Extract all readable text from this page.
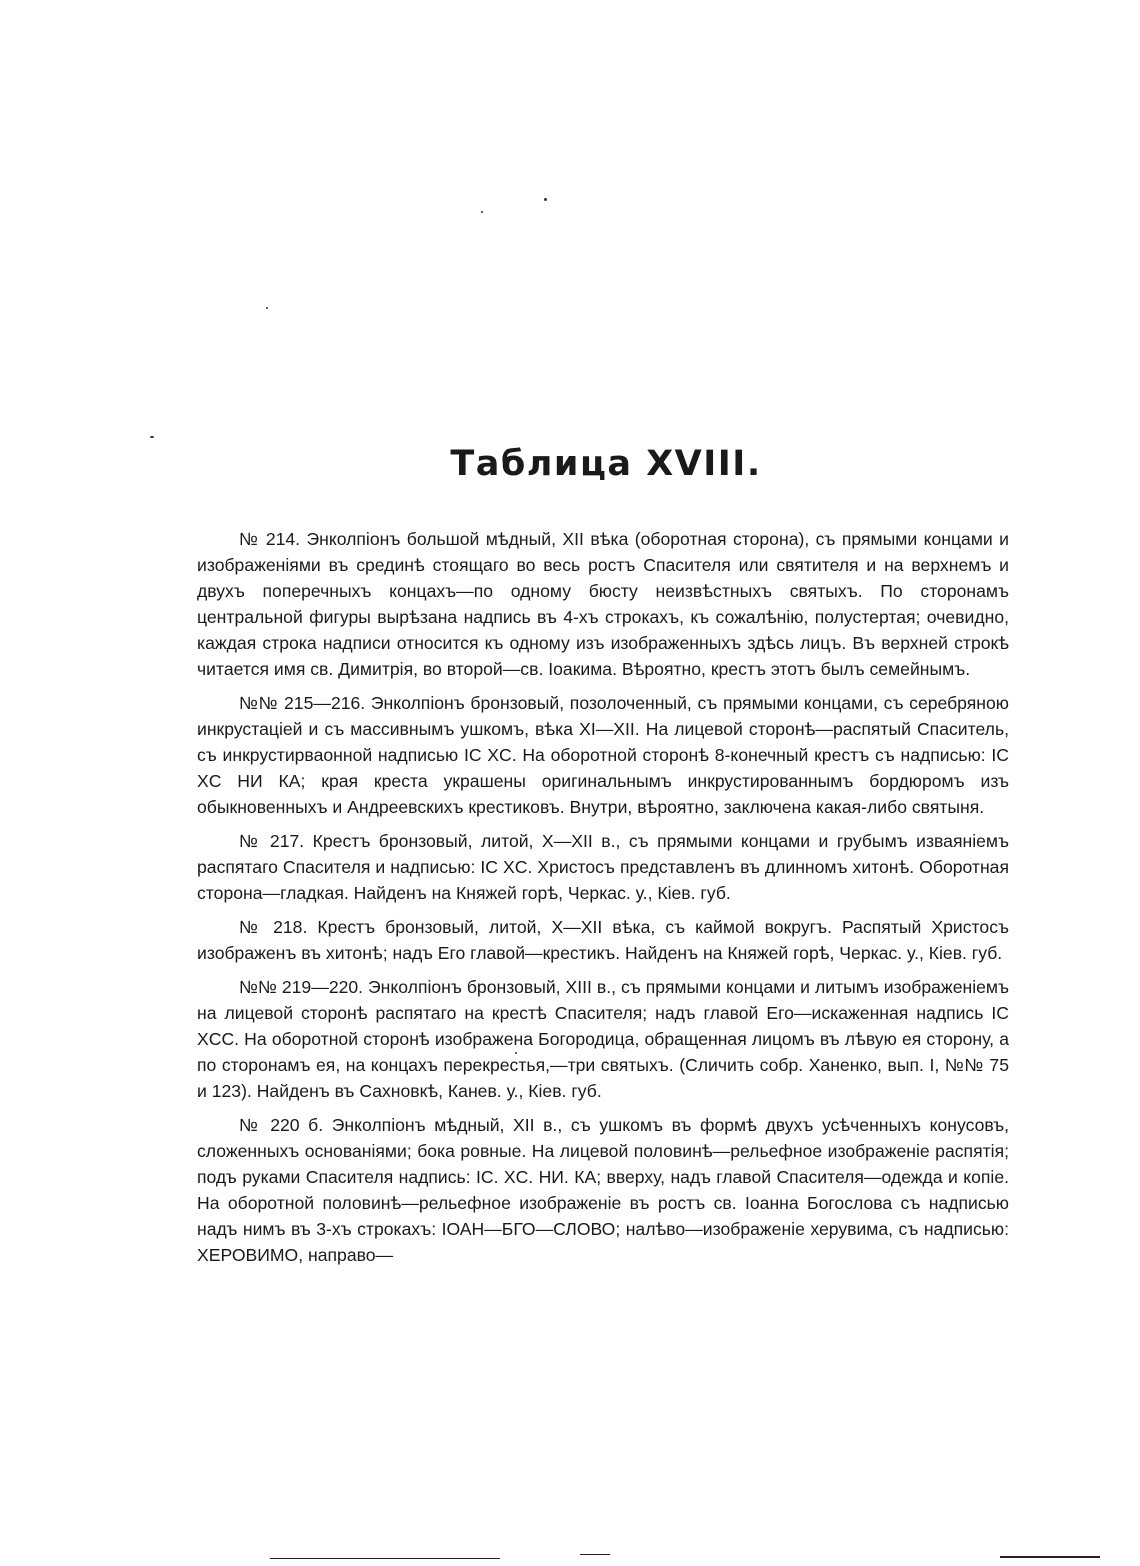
Таблица XVIII.

№ 214. Энколпіонъ большой мѣдный, XII вѣка (оборотная сторона), съ прямыми концами и изображеніями въ срединѣ стоящаго во весь ростъ Спасителя или святителя и на верхнемъ и двухъ поперечныхъ концахъ—по одному бюсту неизвѣстныхъ святыхъ. По сторонамъ центральной фигуры вырѣзана надпись въ 4-хъ строкахъ, къ сожалѣнію, полустертая; очевидно, каждая строка надписи относится къ одному изъ изображенныхъ здѣсь лицъ. Въ верхней строкѣ читается имя св. Димитрія, во второй—св. Іоакима. Вѣроятно, крестъ этотъ былъ семейнымъ.

№№ 215—216. Энколпіонъ бронзовый, позолоченный, съ прямыми концами, съ серебряною инкрустаціей и съ массивнымъ ушкомъ, вѣка XI—XII. На лицевой сторонѣ—распятый Спаситель, съ инкрустирваонной надписью IC XC. На оборотной сторонѣ 8-конечный крестъ съ надписью: IC XC НИ КА; края креста украшены оригинальнымъ инкрустированнымъ бордюромъ изъ обыкновенныхъ и Андреевскихъ крестиковъ. Внутри, вѣроятно, заключена какая-либо святыня.

№ 217. Крестъ бронзовый, литой, X—XII в., съ прямыми концами и грубымъ изваяніемъ распятаго Спасителя и надписью: IC XC. Христосъ представленъ въ длинномъ хитонѣ. Оборотная сторона—гладкая. Найденъ на Княжей горѣ, Черкас. у., Кіев. губ.

№ 218. Крестъ бронзовый, литой, X—XII вѣка, съ каймой вокругъ. Распятый Христосъ изображенъ въ хитонѣ; надъ Его главой—крестикъ. Найденъ на Княжей горѣ, Черкас. у., Кіев. губ.

№№ 219—220. Энколпіонъ бронзовый, XIII в., съ прямыми концами и литымъ изображеніемъ на лицевой сторонѣ распятаго на крестѣ Спасителя; надъ главой Его—искаженная надпись IC XCC. На оборотной сторонѣ изображена Богородица, обращенная лицомъ въ лѣвую ея сторону, а по сторонамъ ея, на концахъ перекрестья,—три святыхъ. (Сличить собр. Ханенко, вып. I, №№ 75 и 123). Найденъ въ Сахновкѣ, Канев. у., Кіев. губ.

№ 220 б. Энколпіонъ мѣдный, XII в., съ ушкомъ въ формѣ двухъ усѣченныхъ конусовъ, сложенныхъ основаніями; бока ровные. На лицевой половинѣ—рельефное изображеніе распятія; подъ руками Спасителя надпись: IC. XC. НИ. КА; вверху, надъ главой Спасителя—одежда и копіе. На оборотной половинѣ—рельефное изображеніе въ ростъ св. Іоанна Богослова съ надписью надъ нимъ въ 3-хъ строкахъ: ІОАН—БГО—СЛОВО; налѣво—изображеніе херувима, съ надписью: ХЕРОВИМО, направо—
